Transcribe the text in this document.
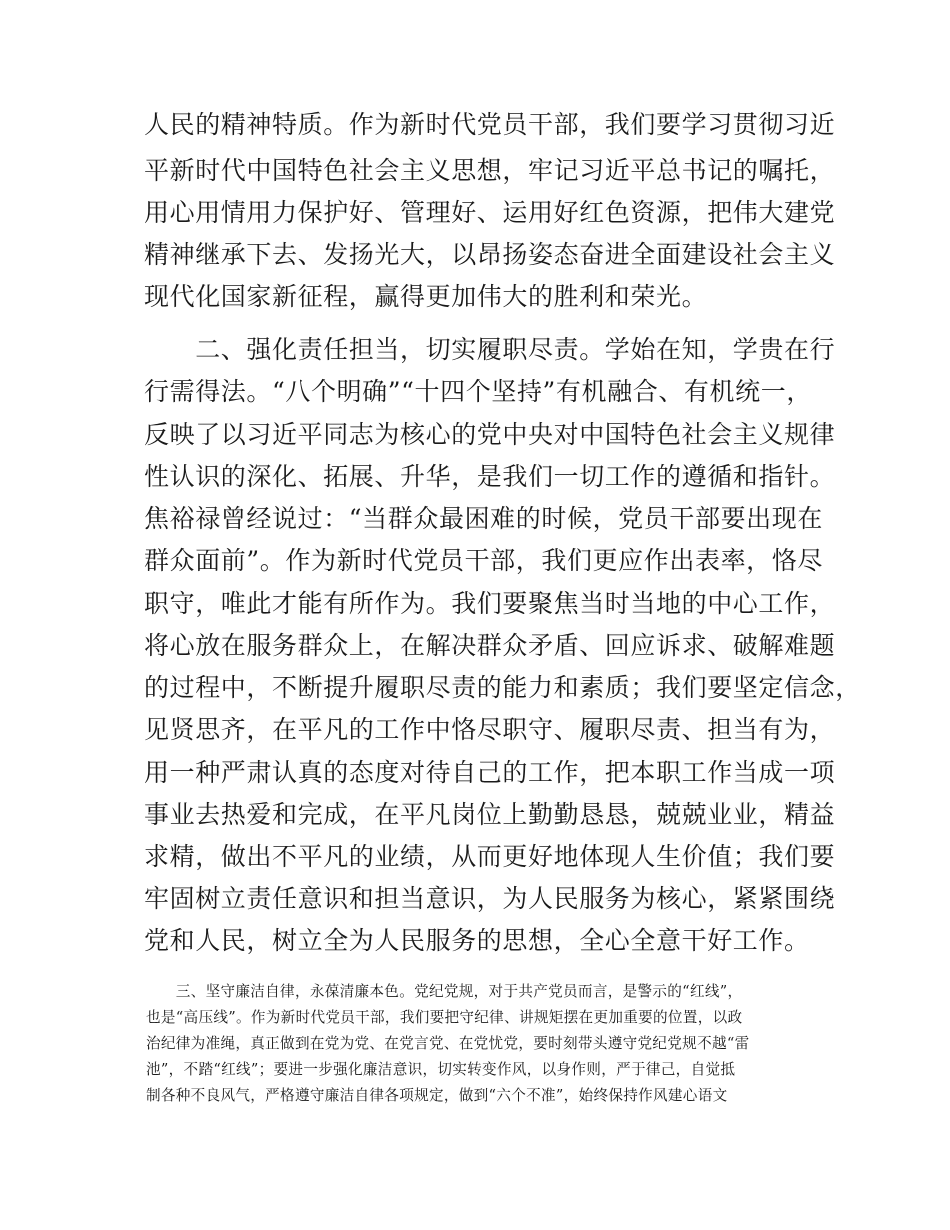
人民的精神特质。作为新时代党员干部，我们要学习贯彻习近
平新时代中国特色社会主义思想，牢记习近平总书记的嘱托，
用心用情用力保护好、管理好、运用好红色资源，把伟大建党
精神继承下去、发扬光大，以昂扬姿态奋进全面建设社会主义
现代化国家新征程，赢得更加伟大的胜利和荣光。
　　二、强化责任担当，切实履职尽责。学始在知，学贵在行
行需得法。“八个明确”“十四个坚持”有机融合、有机统一，
反映了以习近平同志为核心的党中央对中国特色社会主义规律
性认识的深化、拓展、升华，是我们一切工作的遵循和指针。
焦裕禄曾经说过：“当群众最困难的时候，党员干部要出现在
群众面前”。作为新时代党员干部，我们更应作出表率，恪尽
职守，唯此才能有所作为。我们要聚焦当时当地的中心工作，
将心放在服务群众上，在解决群众矛盾、回应诉求、破解难题
的过程中，不断提升履职尽责的能力和素质；我们要坚定信念，
见贤思齐，在平凡的工作中恪尽职守、履职尽责、担当有为，
用一种严肃认真的态度对待自己的工作，把本职工作当成一项
事业去热爱和完成，在平凡岗位上勤勤恳恳，兢兢业业，精益
求精，做出不平凡的业绩，从而更好地体现人生价值；我们要
牢固树立责任意识和担当意识，为人民服务为核心，紧紧围绕
党和人民，树立全为人民服务的思想，全心全意干好工作。
　　三、坚守廉洁自律，永葆清廉本色。党纪党规，对于共产党员而言，是警示的“红线”，
也是“高压线”。作为新时代党员干部，我们要把守纪律、讲规矩摆在更加重要的位置，以政
治纪律为准绳，真正做到在党为党、在党言党、在党忧党，要时刻带头遵守党纪党规不越“雷
池”，不踏“红线”；要进一步强化廉洁意识，切实转变作风，以身作则，严于律己，自觉抵
制各种不良风气，严格遵守廉洁自律各项规定，做到“六个不准”，始终保持作风建心语文
